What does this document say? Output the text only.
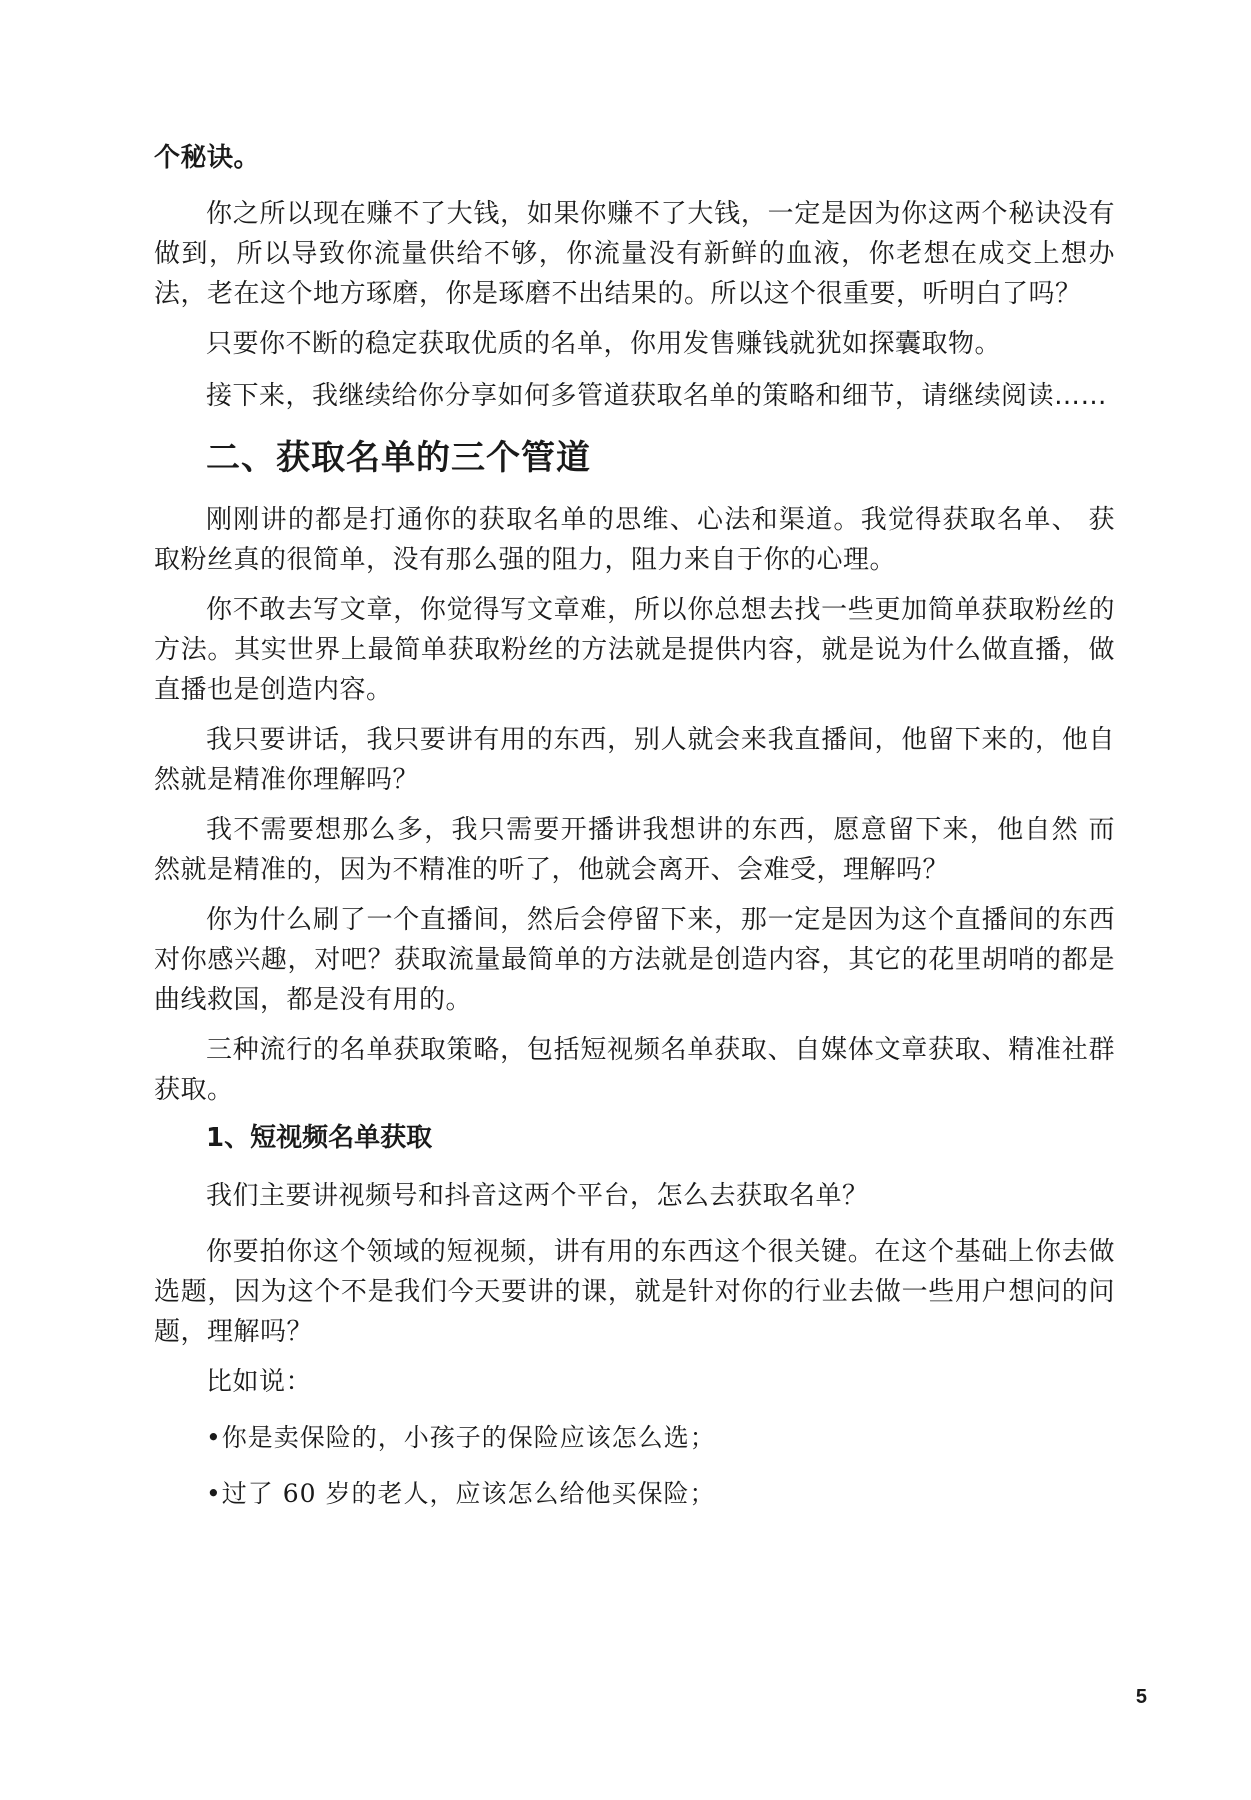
个秘诀。

你之所以现在赚不了大钱，如果你赚不了大钱，一定是因为你这两个秘诀没有做到，所以导致你流量供给不够，你流量没有新鲜的血液，你老想在成交上想办法，老在这个地方琢磨，你是琢磨不出结果的。所以这个很重要，听明白了吗？

只要你不断的稳定获取优质的名单，你用发售赚钱就犹如探囊取物。

接下来，我继续给你分享如何多管道获取名单的策略和细节，请继续阅读……

二、获取名单的三个管道

刚刚讲的都是打通你的获取名单的思维、心法和渠道。我觉得获取名单、 获取粉丝真的很简单，没有那么强的阻力，阻力来自于你的心理。

你不敢去写文章，你觉得写文章难，所以你总想去找一些更加简单获取粉丝的方法。其实世界上最简单获取粉丝的方法就是提供内容，就是说为什么做直播，做直播也是创造内容。

我只要讲话，我只要讲有用的东西，别人就会来我直播间，他留下来的，他自然就是精准你理解吗？

我不需要想那么多，我只需要开播讲我想讲的东西，愿意留下来，他自然 而然就是精准的，因为不精准的听了，他就会离开、会难受，理解吗？

你为什么刷了一个直播间，然后会停留下来，那一定是因为这个直播间的东西对你感兴趣，对吧？获取流量最简单的方法就是创造内容，其它的花里胡哨的都是曲线救国，都是没有用的。

三种流行的名单获取策略，包括短视频名单获取、自媒体文章获取、精准社群获取。

1、短视频名单获取

我们主要讲视频号和抖音这两个平台，怎么去获取名单？

你要拍你这个领域的短视频，讲有用的东西这个很关键。在这个基础上你去做选题，因为这个不是我们今天要讲的课，就是针对你的行业去做一些用户想问的问题，理解吗？

比如说：

•你是卖保险的，小孩子的保险应该怎么选；

•过了 60 岁的老人，应该怎么给他买保险；

5
